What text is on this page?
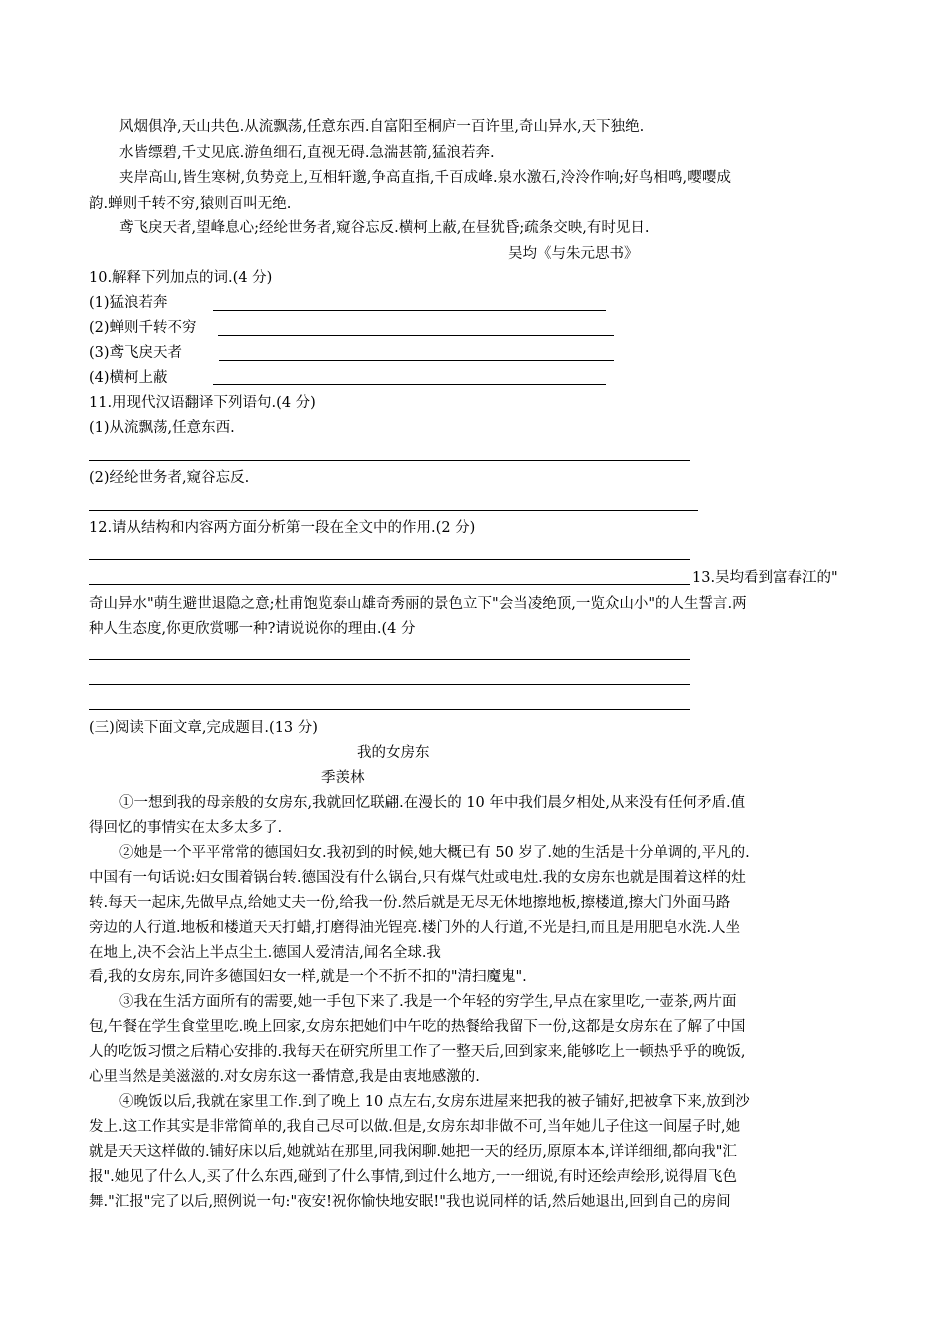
风烟俱净,天山共色.从流飘荡,任意东西.自富阳至桐庐一百许里,奇山异水,天下独绝.
水皆缥碧,千丈见底.游鱼细石,直视无碍.急湍甚箭,猛浪若奔.
夹岸高山,皆生寒树,负势竞上,互相轩邈,争高直指,千百成峰.泉水激石,泠泠作响;好鸟相鸣,嘤嘤成
韵.蝉则千转不穷,猿则百叫无绝.
鸢飞戾天者,望峰息心;经纶世务者,窥谷忘反.横柯上蔽,在昼犹昏;疏条交映,有时见日.
吴均《与朱元思书》
10.解释下列加点的词.(4 分)
(1)猛浪若奔
(2)蝉则千转不穷
(3)鸢飞戾天者
(4)横柯上蔽
11.用现代汉语翻译下列语句.(4 分)
(1)从流飘荡,任意东西.
(2)经纶世务者,窥谷忘反.
12.请从结构和内容两方面分析第一段在全文中的作用.(2 分)
13.吴均看到富春江的"
奇山异水"萌生避世退隐之意;杜甫饱览泰山雄奇秀丽的景色立下"会当凌绝顶,一览众山小"的人生誓言.两
种人生态度,你更欣赏哪一种?请说说你的理由.(4 分
(三)阅读下面文章,完成题目.(13 分)
我的女房东
季羡林
①一想到我的母亲般的女房东,我就回忆联翩.在漫长的 10 年中我们晨夕相处,从来没有任何矛盾.值
得回忆的事情实在太多太多了.
②她是一个平平常常的德国妇女.我初到的时候,她大概已有 50 岁了.她的生活是十分单调的,平凡的.
中国有一句话说:妇女围着锅台转.德国没有什么锅台,只有煤气灶或电灶.我的女房东也就是围着这样的灶
转.每天一起床,先做早点,给她丈夫一份,给我一份.然后就是无尽无休地擦地板,擦楼道,擦大门外面马路
旁边的人行道.地板和楼道天天打蜡,打磨得油光锃亮.楼门外的人行道,不光是扫,而且是用肥皂水洗.人坐
在地上,决不会沾上半点尘土.德国人爱清洁,闻名全球.我
看,我的女房东,同许多德国妇女一样,就是一个不折不扣的"清扫魔鬼".
③我在生活方面所有的需要,她一手包下来了.我是一个年轻的穷学生,早点在家里吃,一壶茶,两片面
包,午餐在学生食堂里吃.晚上回家,女房东把她们中午吃的热餐给我留下一份,这都是女房东在了解了中国
人的吃饭习惯之后精心安排的.我每天在研究所里工作了一整天后,回到家来,能够吃上一顿热乎乎的晚饭,
心里当然是美滋滋的.对女房东这一番情意,我是由衷地感激的.
④晚饭以后,我就在家里工作.到了晚上 10 点左右,女房东进屋来把我的被子铺好,把被拿下来,放到沙
发上.这工作其实是非常简单的,我自己尽可以做.但是,女房东却非做不可,当年她儿子住这一间屋子时,她
就是天天这样做的.铺好床以后,她就站在那里,同我闲聊.她把一天的经历,原原本本,详详细细,都向我"汇
报".她见了什么人,买了什么东西,碰到了什么事情,到过什么地方,一一细说,有时还绘声绘形,说得眉飞色
舞."汇报"完了以后,照例说一句:"夜安!祝你愉快地安眠!"我也说同样的话,然后她退出,回到自己的房间
